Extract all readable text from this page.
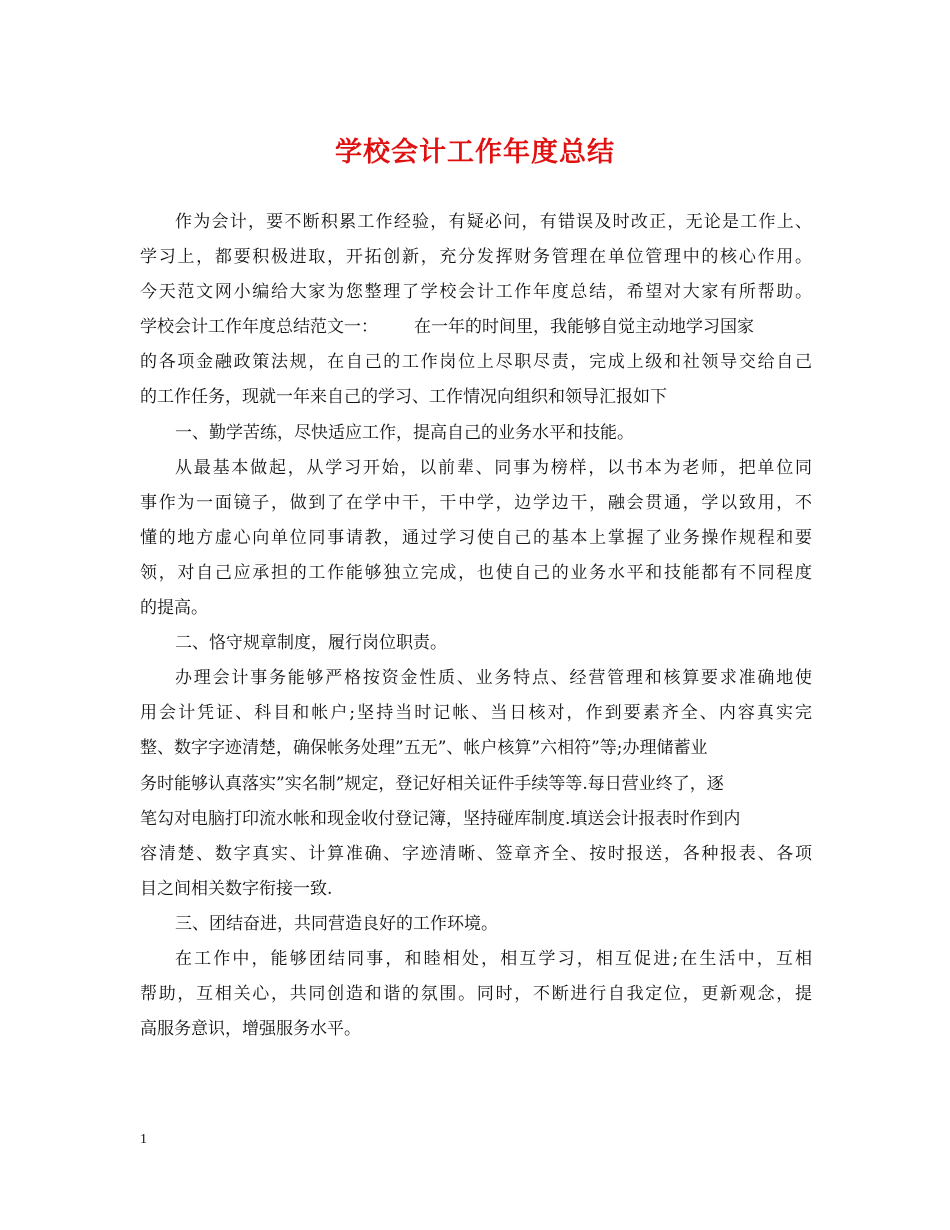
学校会计工作年度总结
作为会计，要不断积累工作经验，有疑必问，有错误及时改正，无论是工作上、
学习上，都要积极进取，开拓创新，充分发挥财务管理在单位管理中的核心作用。
今天范文网小编给大家为您整理了学校会计工作年度总结，希望对大家有所帮助。
学校会计工作年度总结范文一： 在一年的时间里，我能够自觉主动地学习国家
的各项金融政策法规，在自己的工作岗位上尽职尽责，完成上级和社领导交给自己
的工作任务，现就一年来自己的学习、工作情况向组织和领导汇报如下
一、勤学苦练，尽快适应工作，提高自己的业务水平和技能。
从最基本做起，从学习开始，以前辈、同事为榜样，以书本为老师，把单位同
事作为一面镜子，做到了在学中干，干中学，边学边干，融会贯通，学以致用，不
懂的地方虚心向单位同事请教，通过学习使自己的基本上掌握了业务操作规程和要
领，对自己应承担的工作能够独立完成，也使自己的业务水平和技能都有不同程度
的提高。
二、恪守规章制度，履行岗位职责。
办理会计事务能够严格按资金性质、业务特点、经营管理和核算要求准确地使
用会计凭证、科目和帐户;坚持当时记帐、当日核对，作到要素齐全、内容真实完
整、数字字迹清楚，确保帐务处理”五无”、帐户核算”六相符”等;办理储蓄业
务时能够认真落实”实名制”规定，登记好相关证件手续等等.每日营业终了，逐
笔勾对电脑打印流水帐和现金收付登记簿，坚持碰库制度.填送会计报表时作到内
容清楚、数字真实、计算准确、字迹清晰、签章齐全、按时报送，各种报表、各项
目之间相关数字衔接一致.
三、团结奋进，共同营造良好的工作环境。
在工作中，能够团结同事，和睦相处，相互学习，相互促进;在生活中，互相
帮助，互相关心，共同创造和谐的氛围。同时，不断进行自我定位，更新观念，提
高服务意识，增强服务水平。
1
